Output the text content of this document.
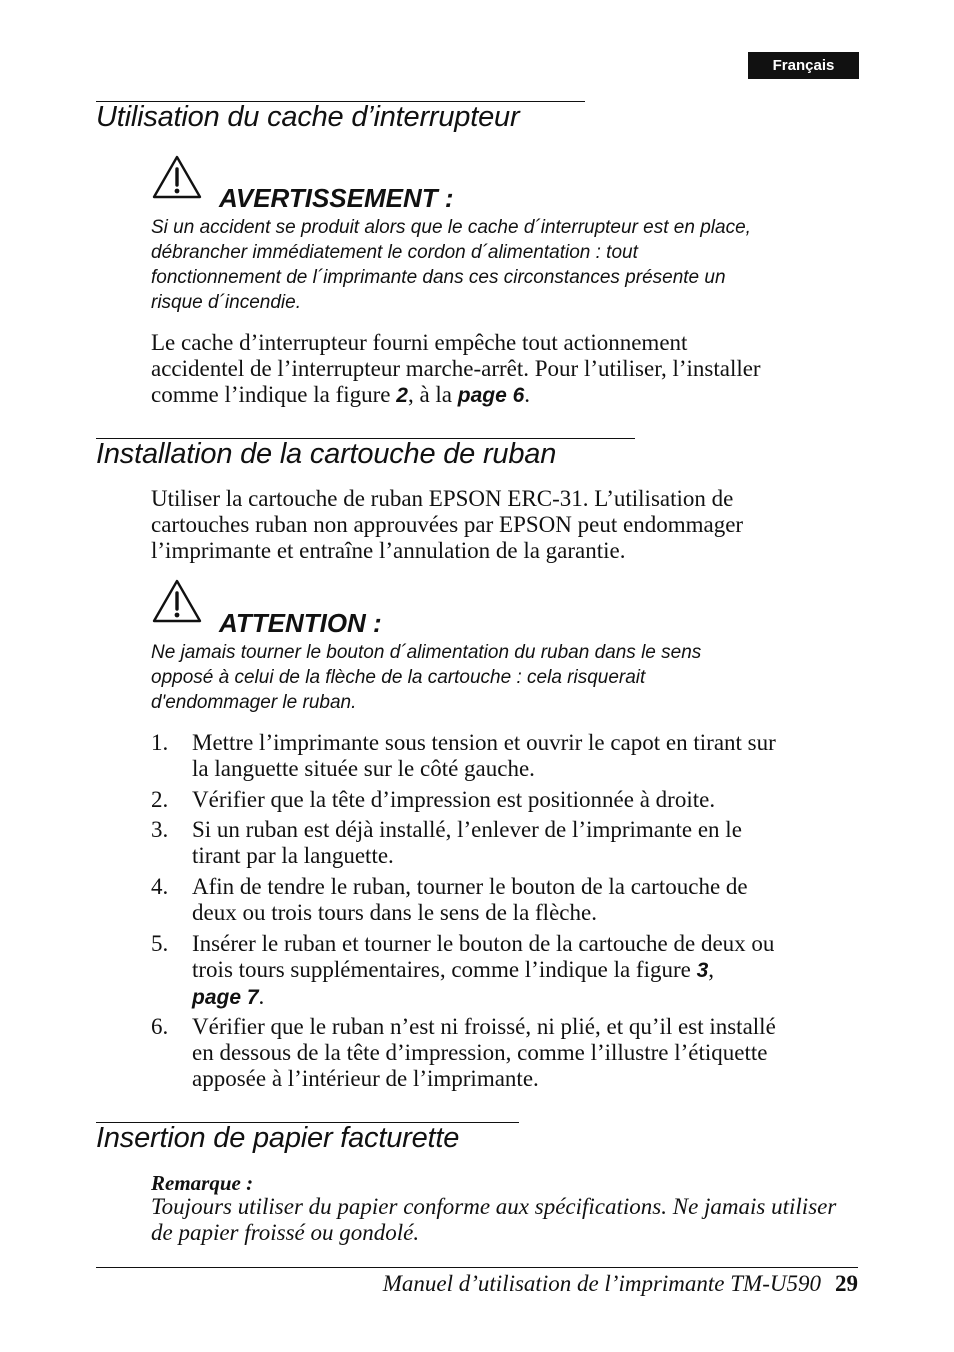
Français
Utilisation du cache d’interrupteur
AVERTISSEMENT :
Si un accident se produit alors que le cache d´interrupteur est en place,
débrancher immédiatement le cordon d´alimentation : tout
fonctionnement de l´imprimante dans ces circonstances présente un
risque d´incendie.
Le cache d’interrupteur fourni empêche tout actionnement
accidentel de l’interrupteur marche-arrêt. Pour l’utiliser, l’installer
comme l’indique la figure 2, à la page 6.
Installation de la cartouche de ruban
Utiliser la cartouche de ruban EPSON ERC-31. L’utilisation de
cartouches ruban non approuvées par EPSON peut endommager
l’imprimante et entraîne l’annulation de la garantie.
ATTENTION :
Ne jamais tourner le bouton d´alimentation du ruban dans le sens
opposé à celui de la flèche de la cartouche : cela risquerait
d'endommager le ruban.
1. Mettre l’imprimante sous tension et ouvrir le capot en tirant sur
la languette située sur le côté gauche.
2. Vérifier que la tête d’impression est positionnée à droite.
3. Si un ruban est déjà installé, l’enlever de l’imprimante en le
tirant par la languette.
4. Afin de tendre le ruban, tourner le bouton de la cartouche de
deux ou trois tours dans le sens de la flèche.
5. Insérer le ruban et tourner le bouton de la cartouche de deux ou
trois tours supplémentaires, comme l’indique la figure 3,
page 7.
6. Vérifier que le ruban n’est ni froissé, ni plié, et qu’il est installé
en dessous de la tête d’impression, comme l’illustre l’étiquette
apposée à l’intérieur de l’imprimante.
Insertion de papier facturette
Remarque :
Toujours utiliser du papier conforme aux spécifications. Ne jamais utiliser
de papier froissé ou gondolé.
Manuel d’utilisation de l’imprimante TM-U590 29
